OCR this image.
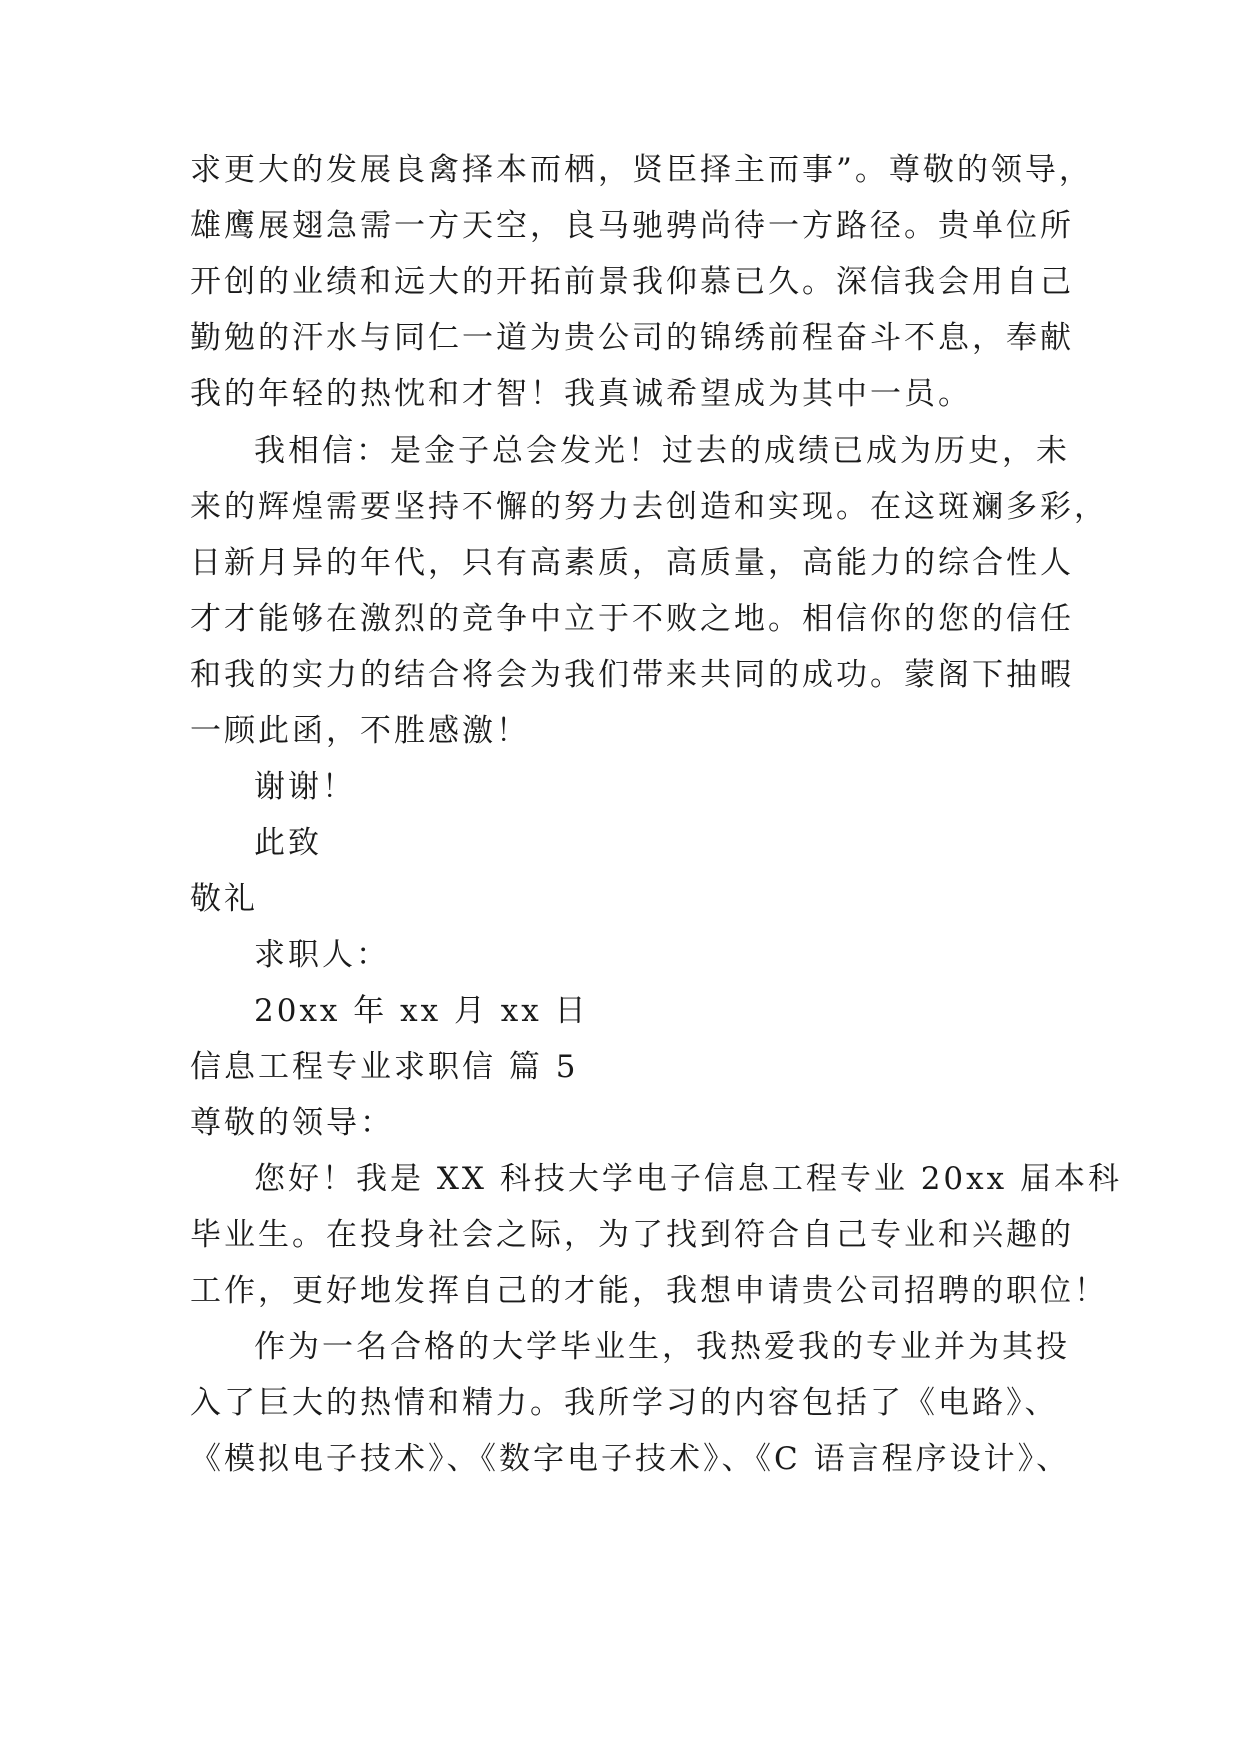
求更大的发展良禽择本而栖，贤臣择主而事”。尊敬的领导，
雄鹰展翅急需一方天空，良马驰骋尚待一方路径。贵单位所
开创的业绩和远大的开拓前景我仰慕已久。深信我会用自己
勤勉的汗水与同仁一道为贵公司的锦绣前程奋斗不息，奉献
我的年轻的热忱和才智！我真诚希望成为其中一员。
我相信：是金子总会发光！过去的成绩已成为历史，未
来的辉煌需要坚持不懈的努力去创造和实现。在这斑斓多彩，
日新月异的年代，只有高素质，高质量，高能力的综合性人
才才能够在激烈的竞争中立于不败之地。相信你的您的信任
和我的实力的结合将会为我们带来共同的成功。蒙阁下抽暇
一顾此函，不胜感激！
谢谢！
此致
敬礼
求职人：
20xx 年 xx 月 xx 日
信息工程专业求职信 篇 5
尊敬的领导：
您好！我是 XX 科技大学电子信息工程专业 20xx 届本科
毕业生。在投身社会之际，为了找到符合自己专业和兴趣的
工作，更好地发挥自己的才能，我想申请贵公司招聘的职位！
作为一名合格的大学毕业生，我热爱我的专业并为其投
入了巨大的热情和精力。我所学习的内容包括了《电路》、
《模拟电子技术》、《数字电子技术》、《C 语言程序设计》、
